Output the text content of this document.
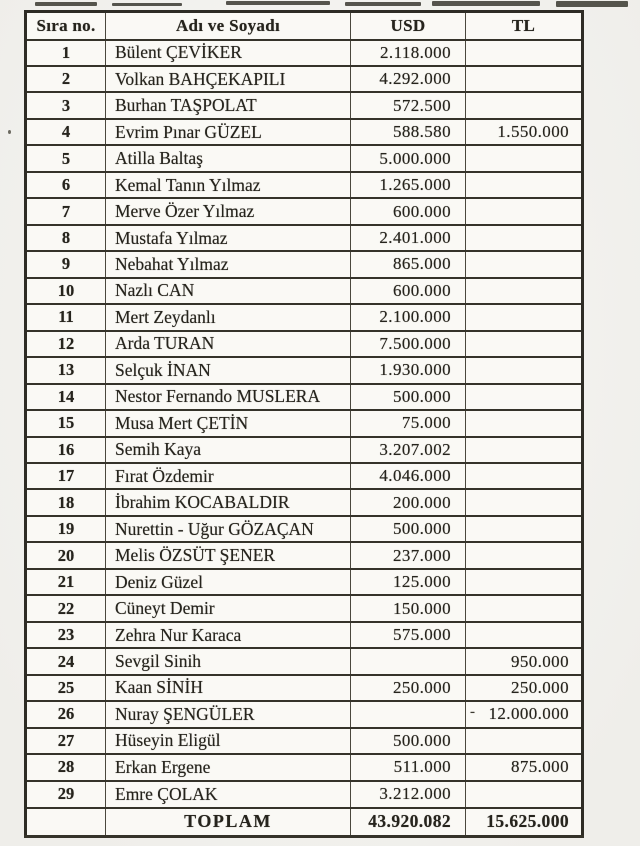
Sıra no.	Adı ve Soyadı	USD	TL
1	Bülent ÇEVİKER	2.118.000	

2	Volkan BAHÇEKAPILI	4.292.000	

3	Burhan TAŞPOLAT	572.500	

4	Evrim Pınar GÜZEL	588.580	1.550.000
5	Atilla Baltaş	5.000.000	

6	Kemal Tanın Yılmaz	1.265.000	

7	Merve Özer Yılmaz	600.000	

8	Mustafa Yılmaz	2.401.000	

9	Nebahat Yılmaz	865.000	

10	Nazlı CAN	600.000	

11	Mert Zeydanlı	2.100.000	

12	Arda TURAN	7.500.000	

13	Selçuk İNAN	1.930.000	

14	Nestor Fernando MUSLERA	500.000	

15	Musa Mert ÇETİN	75.000	

16	Semih Kaya	3.207.002	

17	Fırat Özdemir	4.046.000	

18	İbrahim KOCABALDIR	200.000	

19	Nurettin - Uğur GÖZAÇAN	500.000	

20	Melis ÖZSÜT ŞENER	237.000	

21	Deniz Güzel	125.000	

22	Cüneyt Demir	150.000	

23	Zehra Nur Karaca	575.000	

24	Sevgil Sinih		950.000
25	Kaan SİNİH	250.000	250.000
26	Nuray ŞENGÜLER		- 12.000.000
27	Hüseyin Eligül	500.000	

28	Erkan Ergene	511.000	875.000
29	Emre ÇOLAK	3.212.000	

	TOPLAM	43.920.082	15.625.000
